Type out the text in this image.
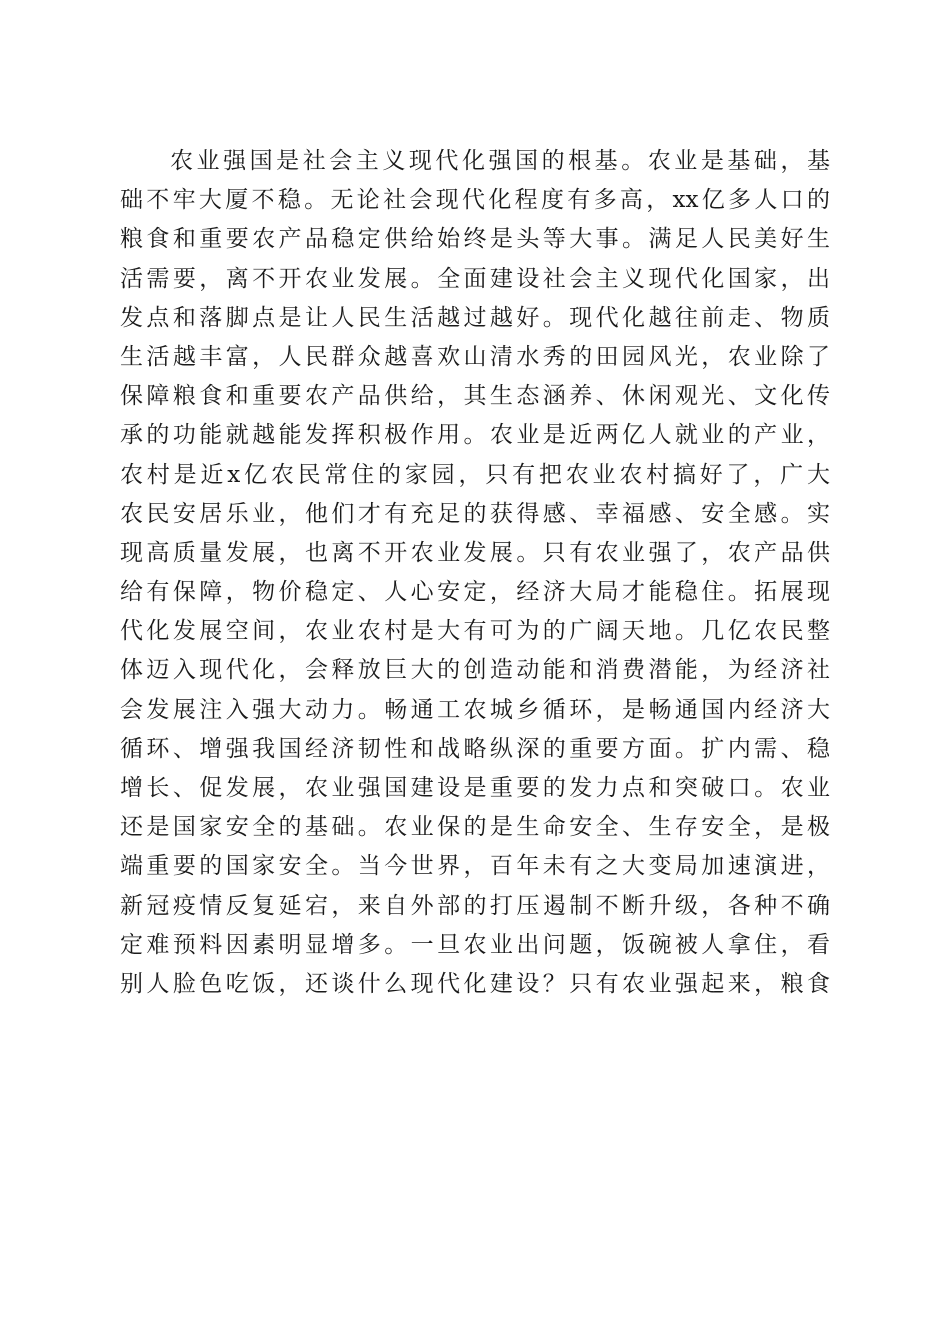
农业强国是社会主义现代化强国的根基。农业是基础，基
础不牢大厦不稳。无论社会现代化程度有多高，xx亿多人口的
粮食和重要农产品稳定供给始终是头等大事。满足人民美好生
活需要，离不开农业发展。全面建设社会主义现代化国家，出
发点和落脚点是让人民生活越过越好。现代化越往前走、物质
生活越丰富，人民群众越喜欢山清水秀的田园风光，农业除了
保障粮食和重要农产品供给，其生态涵养、休闲观光、文化传
承的功能就越能发挥积极作用。农业是近两亿人就业的产业，
农村是近x亿农民常住的家园，只有把农业农村搞好了，广大
农民安居乐业，他们才有充足的获得感、幸福感、安全感。实
现高质量发展，也离不开农业发展。只有农业强了，农产品供
给有保障，物价稳定、人心安定，经济大局才能稳住。拓展现
代化发展空间，农业农村是大有可为的广阔天地。几亿农民整
体迈入现代化，会释放巨大的创造动能和消费潜能，为经济社
会发展注入强大动力。畅通工农城乡循环，是畅通国内经济大
循环、增强我国经济韧性和战略纵深的重要方面。扩内需、稳
增长、促发展，农业强国建设是重要的发力点和突破口。农业
还是国家安全的基础。农业保的是生命安全、生存安全，是极
端重要的国家安全。当今世界，百年未有之大变局加速演进，
新冠疫情反复延宕，来自外部的打压遏制不断升级，各种不确
定难预料因素明显增多。一旦农业出问题，饭碗被人拿住，看
别人脸色吃饭，还谈什么现代化建设？只有农业强起来，粮食
